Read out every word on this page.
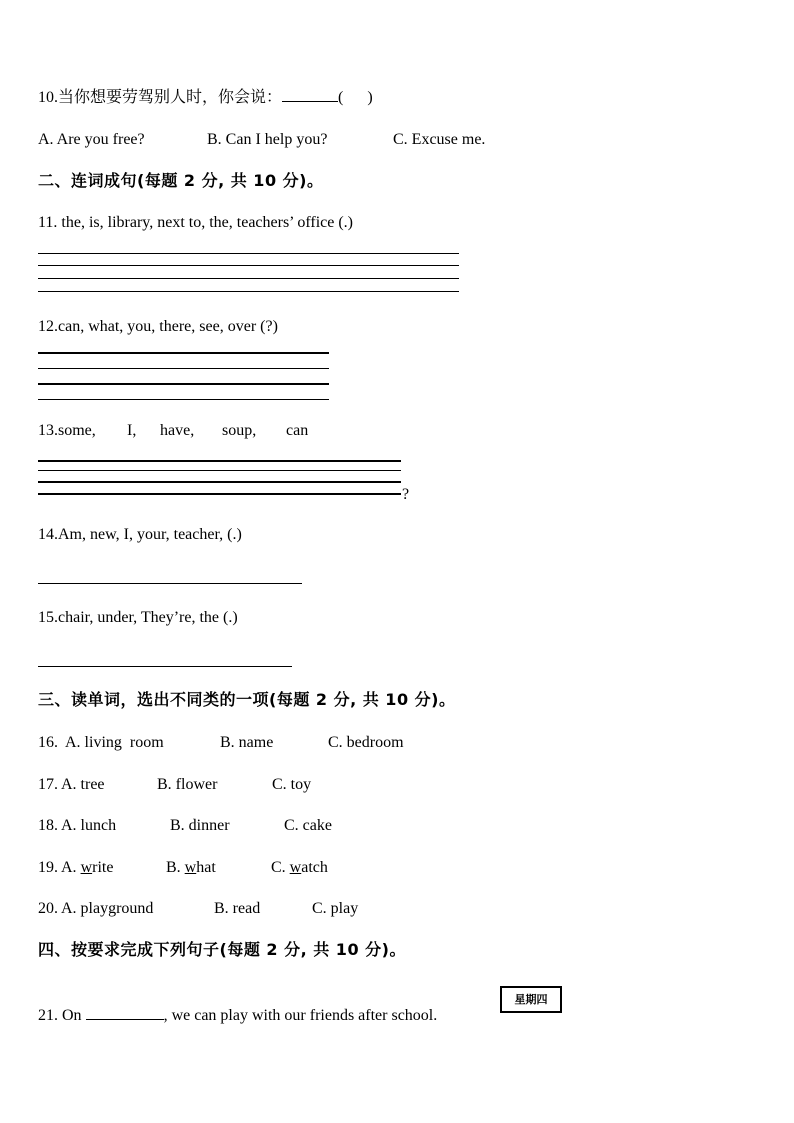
10.当你想要劳驾别人时，你会说：	(      )
A. Are you free?	B. Can I help you?	C. Excuse me.
二、连词成句(每题 2 分, 共 10 分)。
11. the, is, library, next to, the, teachers’ office (.)
12.can, what, you, there, see, over (?)
13.some, I, have, soup, can
?
14.Am, new, I, your, teacher, (.)
15.chair, under, They’re, the (.)
三、读单词，选出不同类的一项(每题 2 分, 共 10 分)。
16. A. living  room	B. name	C. bedroom
17. A. tree	B. flower	C. toy
18. A. lunch	B. dinner	C. cake
19. A. write	B. what	C. watch
20. A. playground	B. read	C. play
四、按要求完成下列句子(每题 2 分, 共 10 分)。
21. On	, we can play with our friends after school.
星期四
